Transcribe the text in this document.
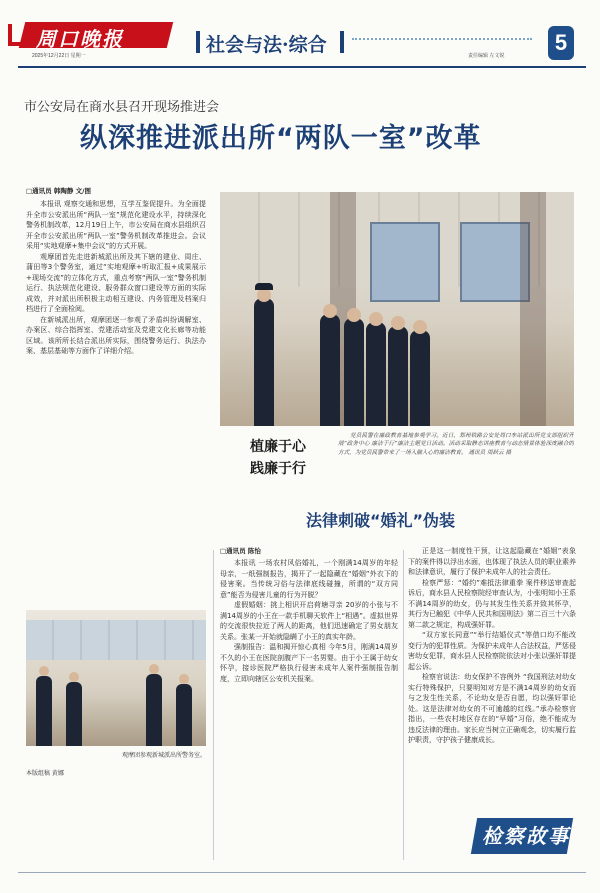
周口晚报
2025年12月22日 星期一	社会与法·综合	责任编辑 左文锐
5
市公安局在商水县召开现场推进会
纵深推进派出所“两队一室”改革
□通讯员 韩陶静 文/图

本报讯 观察交通和思想，互学互鉴促提升。为全面提升全市公安派出所“两队一室”规范化建设水平，持续深化警务机制改革，12月19日上午，市公安局在商水县组织召开全市公安派出所“两队一室”警务机制改革推进会。会议采用“实地观摩+集中会议”的方式开展。

观摩团首先走进新城派出所及其下辖的建业、周庄、蒲田等3个警务室，通过“实地观摩+听取汇报+成果展示+现场交流”的立体化方式，重点考察“两队一室”警务机制运行、执法规范化建设、服务群众窗口建设等方面的实际成效，并对派出所积极主动相互建设、内务管理及档案归档进行了全面检阅。

在新城派出所，观摩团逐一参观了矛盾纠纷调解室、办案区、综合指挥室、党建活动室及党建文化长廊等功能区域。该所所长结合派出所实际，围绕警务运行、执法办案、基层基础等方面作了详细介绍。

植廉于心
践廉于行
党员民警在廉政教育基地参观学习。近日，郑州铁路公安处周口车站派出所党支部组织开展“政务中心 廉洁于行”廉洁主题党日活动。活动采取静态讲座教育与动态情景体验深度融合的方式，为党员民警带来了一场入脑入心的廉洁教育。 通讯员 周跃云 摄
法律刺破“婚礼”伪装
观摩团参观新城派出所警务室。
本版组稿 黄娜
□通讯员 陈怡

本报讯 一场农村风俗婚礼，一个刚满14周岁的年轻母亲，一纸强制报告，揭开了一起隐藏在“婚姻”外衣下的侵害案。当传统习俗与法律底线碰撞，所谓的“双方同意”能否为侵害儿童的行为开脱？

虚假婚姻：挑上相识开启荷塘寻亲 20岁的小张与不满14周岁的小王在一款手机聊天软件上“相遇”。虚拟世界的交流很快拉近了两人的距离，他们迅速确定了男女朋友关系。张某一开始就隐瞒了小王的真实年龄。

强制报告：温和揭开惊心真相 今年5月，刚满14周岁不久的小王在医院剖腹产下一名男婴。由于小王属于幼女怀孕，接诊医院严格执行侵害未成年人案件强制报告制度，立即向辖区公安机关报案。

正是这一制度性干预，让这起隐藏在“婚姻”表象下的案件得以浮出水面，也体现了执法人员的职业素养和法律意识，履行了保护未成年人的社会责任。

检察严惩：“婚约”难抵法律重拳 案件移送审查起诉后，商水县人民检察院经审查认为，小张明知小王系不满14周岁的幼女，仍与其发生性关系并致其怀孕，其行为已触犯《中华人民共和国刑法》第二百三十六条第二款之规定，构成强奸罪。

“双方家长同意”“举行结婚仪式”等借口均不能改变行为的犯罪性质。为保护未成年人合法权益，严惩侵害幼女犯罪，商水县人民检察院依法对小张以强奸罪提起公诉。

检察官说法：幼女保护不容例外 “我国刑法对幼女实行特殊保护，只要明知对方是不满14周岁的幼女而与之发生性关系，不论幼女是否自愿，均以强奸罪论处。这是法律对幼女的不可逾越的红线。”承办检察官指出，一些农村地区存在的“早婚”习俗，绝不能成为违反法律的理由。家长应当树立正确观念，切实履行监护职责，守护孩子健康成长。

检察故事
